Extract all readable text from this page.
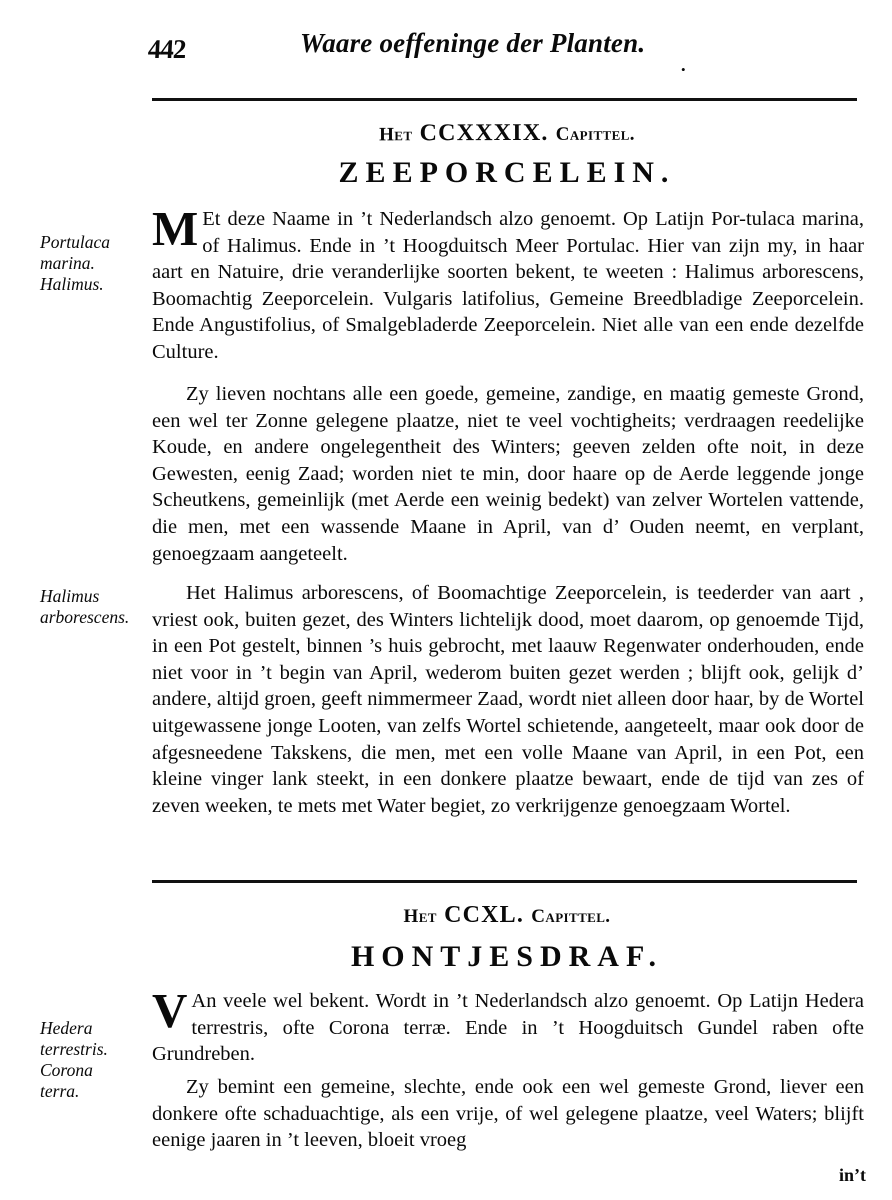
442	Waare oeffeninge der Planten.
•
Het CCXXXIX. Capittel.
ZEEPORCELEIN.
Portulaca
marina.
Halimus.
Halimus
arborescens.

M Et deze Naame in ’t Nederlandsch alzo genoemt. Op Latijn Por-tulaca marina, of Halimus. Ende in ’t Hoogduitsch Meer Portulac. Hier van zijn my, in haar aart en Natuire, drie veranderlijke soorten bekent, te weeten : Halimus arborescens, Boomachtig Zeeporcelein. Vulgaris latifolius, Gemeine Breedbladige Zeeporcelein. Ende Angustifolius, of Smalgebladerde Zeeporcelein. Niet alle van een ende dezelfde Culture.

Zy lieven nochtans alle een goede, gemeine, zandige, en maatig gemeste Grond, een wel ter Zonne gelegene plaatze, niet te veel vochtigheits; verdraagen reedelijke Koude, en andere ongelegentheit des Winters; geeven zelden ofte noit, in deze Gewesten, eenig Zaad; worden niet te min, door haare op de Aerde leggende jonge Scheutkens, gemeinlijk (met Aerde een weinig bedekt) van zelver Wortelen vattende, die men, met een wassende Maane in April, van d’ Ouden neemt, en verplant, genoegzaam aangeteelt.

Het Halimus arborescens, of Boomachtige Zeeporcelein, is teederder van aart , vriest ook, buiten gezet, des Winters lichtelijk dood, moet daarom, op genoemde Tijd, in een Pot gestelt, binnen ’s huis gebrocht, met laauw Regenwater onderhouden, ende niet voor in ’t begin van April, wederom buiten gezet werden ; blijft ook, gelijk d’ andere, altijd groen, geeft nimmermeer Zaad, wordt niet alleen door haar, by de Wortel uitgewassene jonge Looten, van zelfs Wortel schietende, aangeteelt, maar ook door de afgesneedene Takskens, die men, met een volle Maane van April, in een Pot, een kleine vinger lank steekt, in een donkere plaatze bewaart, ende de tijd van zes of zeven weeken, te mets met Water begiet, zo verkrijgenze genoegzaam Wortel.

Het CCXL. Capittel.
HONTJESDRAF.
Hedera
terrestris.
Corona
terra.

V An veele wel bekent. Wordt in ’t Nederlandsch alzo genoemt. Op Latijn Hedera terrestris, ofte Corona terræ. Ende in ’t Hoogduitsch Gundel raben ofte Grundreben.

Zy bemint een gemeine, slechte, ende ook een wel gemeste Grond, liever een donkere ofte schaduachtige, als een vrije, of wel gelegene plaatze, veel Waters; blijft eenige jaaren in ’t leeven, bloeit vroeg

in’t
